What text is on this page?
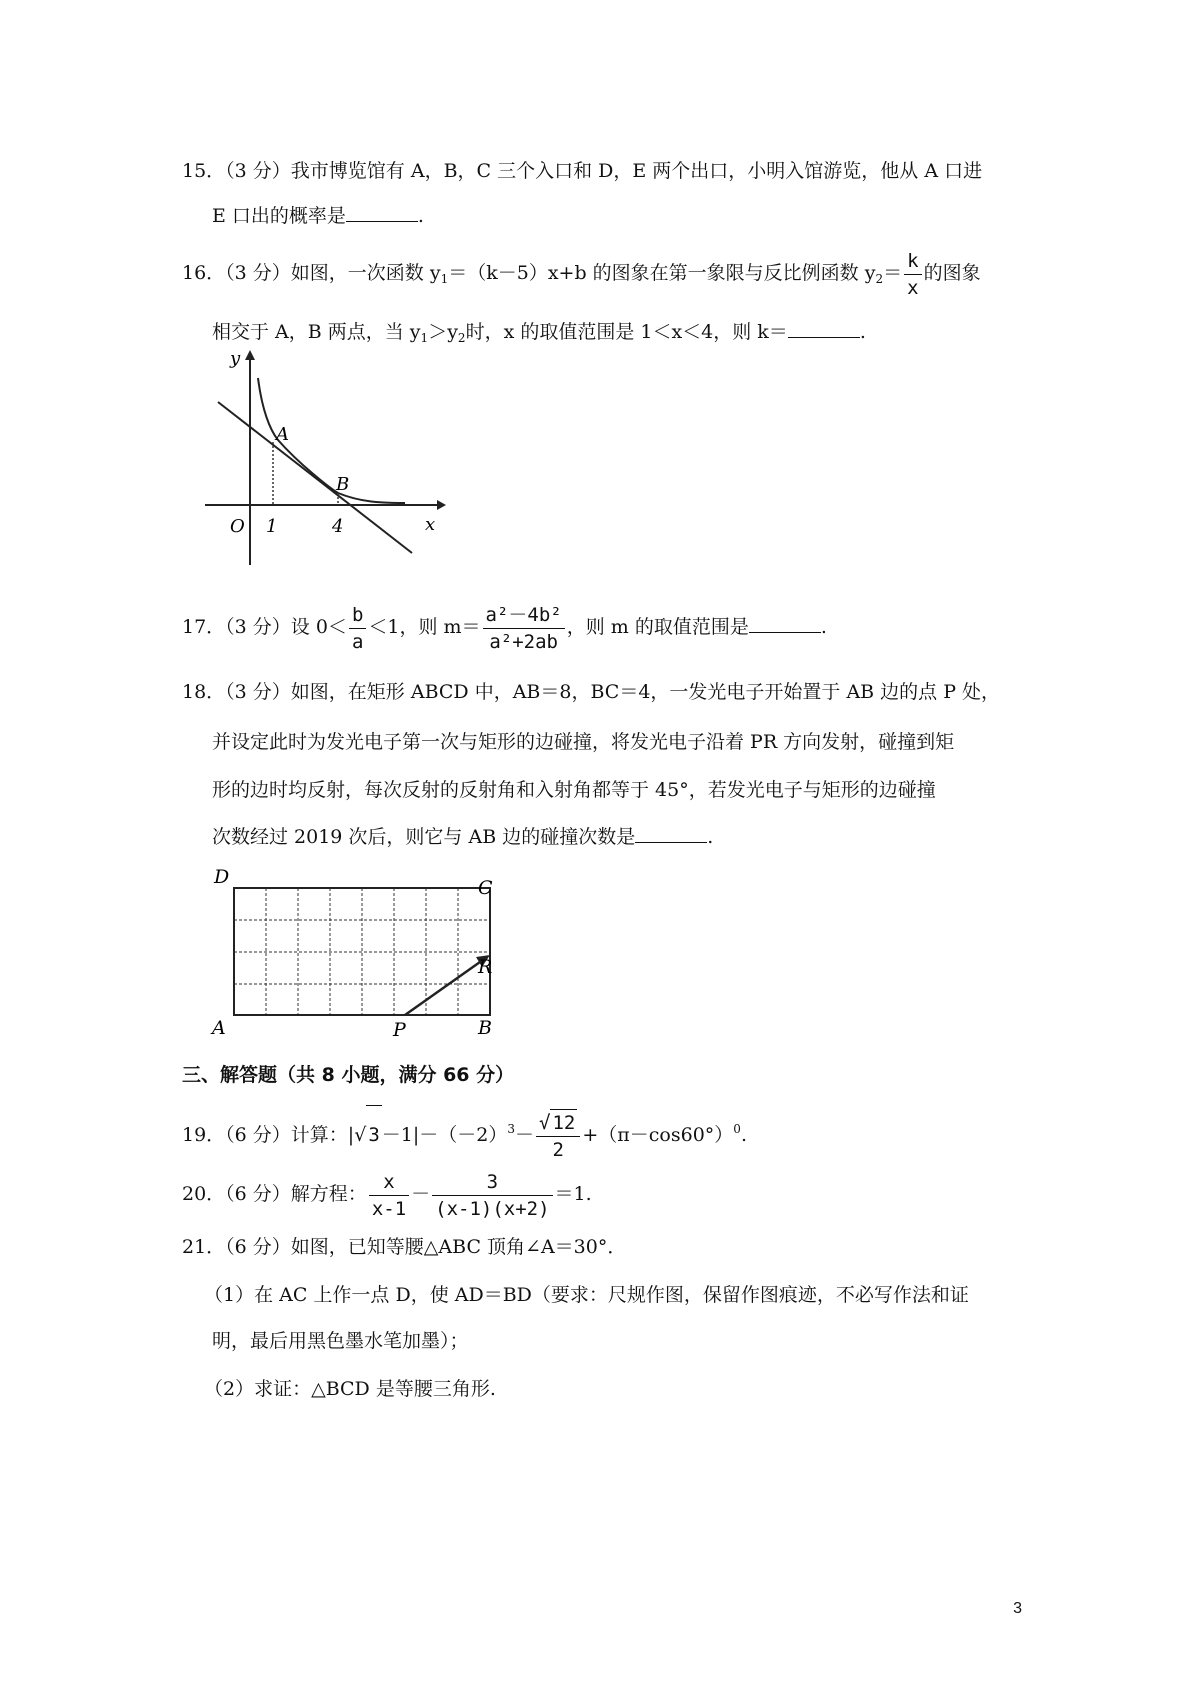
15．（3 分）我市博览馆有 A，B，C 三个入口和 D，E 两个出口，小明入馆游览，他从 A 口进
E 口出的概率是	.
16．（3 分）如图，一次函数 $y_1=(k-5)x+b$ 的图象在第一象限与反比例函数 $y_2= \frac{k}{x}$ 的图象
相交于 A，B 两点，当 $y_1>y_2$时，x 的取值范围是 1＜x＜4，则 k＝	.
y
x
O
A
B
1	4
17．（3 分）设 $0< \frac{b}{a} <1$，则 $m= \frac{\text{a²－4b²}}{\text{a²+2ab}}$ ，则 m 的取值范围是	.
18．（3 分）如图，在矩形 ABCD 中，AB＝8，BC＝4，一发光电子开始置于 AB 边的点 P 处，
并设定此时为发光电子第一次与矩形的边碰撞，将发光电子沿着 PR 方向发射，碰撞到矩
形的边时均反射，每次反射的反射角和入射角都等于 45°，若发光电子与矩形的边碰撞
次数经过 2019 次后，则它与 AB 边的碰撞次数是	.
D	C
R
A	P	B
三、解答题（共 8 小题，满分 66 分）
19．（6 分）计算：|√ $3 -1|-(-2)^3- \frac{√ 12}{2} +(\pi-\cos 60^\circ)^0$.
20．（6 分）解方程： $\frac{x}{x-1} - \frac{3}{(x-1)(x+2)} =1$.
21．（6 分）如图，已知等腰△ABC 顶角∠A＝30°．
（1）在 AC 上作一点 D，使 AD＝BD（要求：尺规作图，保留作图痕迹，不必写作法和证
明，最后用黑色墨水笔加墨）；
（2）求证：△BCD 是等腰三角形.
3
